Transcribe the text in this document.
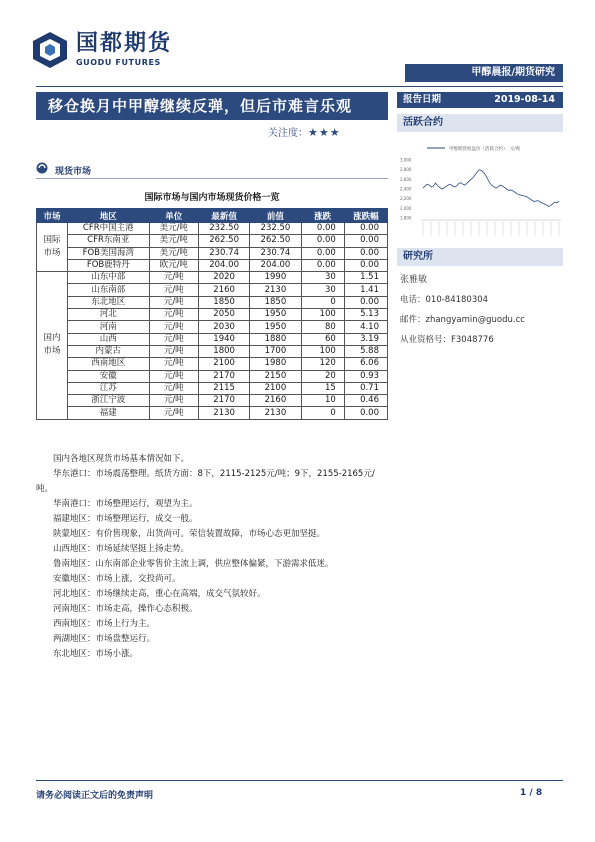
国都期货
GUODU FUTURES
甲醇晨报/期货研究
移仓换月中甲醇继续反弹，但后市难言乐观
关注度：★★★
报告日期	2019-08-14
活跃合约
甲醇期货收盘价（活跃合约）：元/吨
3,000
2,800
2,600
2,400
2,200
2,000
1,800
研究所
张雅敏
电话：010-84180304
邮件：zhangyamin@guodu.cc
从业资格号：F3048776
现货市场
国际市场与国内市场现货价格一览
市场	地区	单位	最新值	前值	涨跌	涨跌幅
国际市场	CFR中国主港	美元/吨	232.50	232.50	0.00	0.00
	CFR东南亚	美元/吨	262.50	262.50	0.00	0.00
	FOB美国海湾	美元/吨	230.74	230.74	0.00	0.00
	FOB鹿特丹	欧元/吨	204.00	204.00	0.00	0.00
国内市场	山东中部	元/吨	2020	1990	30	1.51
	山东南部	元/吨	2160	2130	30	1.41
	东北地区	元/吨	1850	1850	0	0.00
	河北	元/吨	2050	1950	100	5.13
	河南	元/吨	2030	1950	80	4.10
	山西	元/吨	1940	1880	60	3.19
	内蒙古	元/吨	1800	1700	100	5.88
	西南地区	元/吨	2100	1980	120	6.06
	安徽	元/吨	2170	2150	20	0.93
	江苏	元/吨	2115	2100	15	0.71
	浙江宁波	元/吨	2170	2160	10	0.46
	福建	元/吨	2130	2130	0	0.00

国内各地区现货市场基本情况如下。

华东港口：市场震荡整理。纸货方面：8下，2115-2125元/吨；9下，2155-2165元/吨。

华南港口：市场整理运行，观望为主。

福建地区：市场整理运行，成交一般。

陕蒙地区：有价售现象，出货尚可。荣信装置故障，市场心态更加坚挺。

山西地区：市场延续坚挺上扬走势。

鲁南地区：山东南部企业零售价主流上调，供应整体偏紧，下游需求低迷。

安徽地区：市场上涨，交投尚可。

河北地区：市场继续走高，重心在高端，成交气氛较好。

河南地区：市场走高，操作心态积极。

西南地区：市场上行为主。

两湖地区：市场盘整运行。

东北地区：市场小涨。

请务必阅读正文后的免责声明	1 / 8
